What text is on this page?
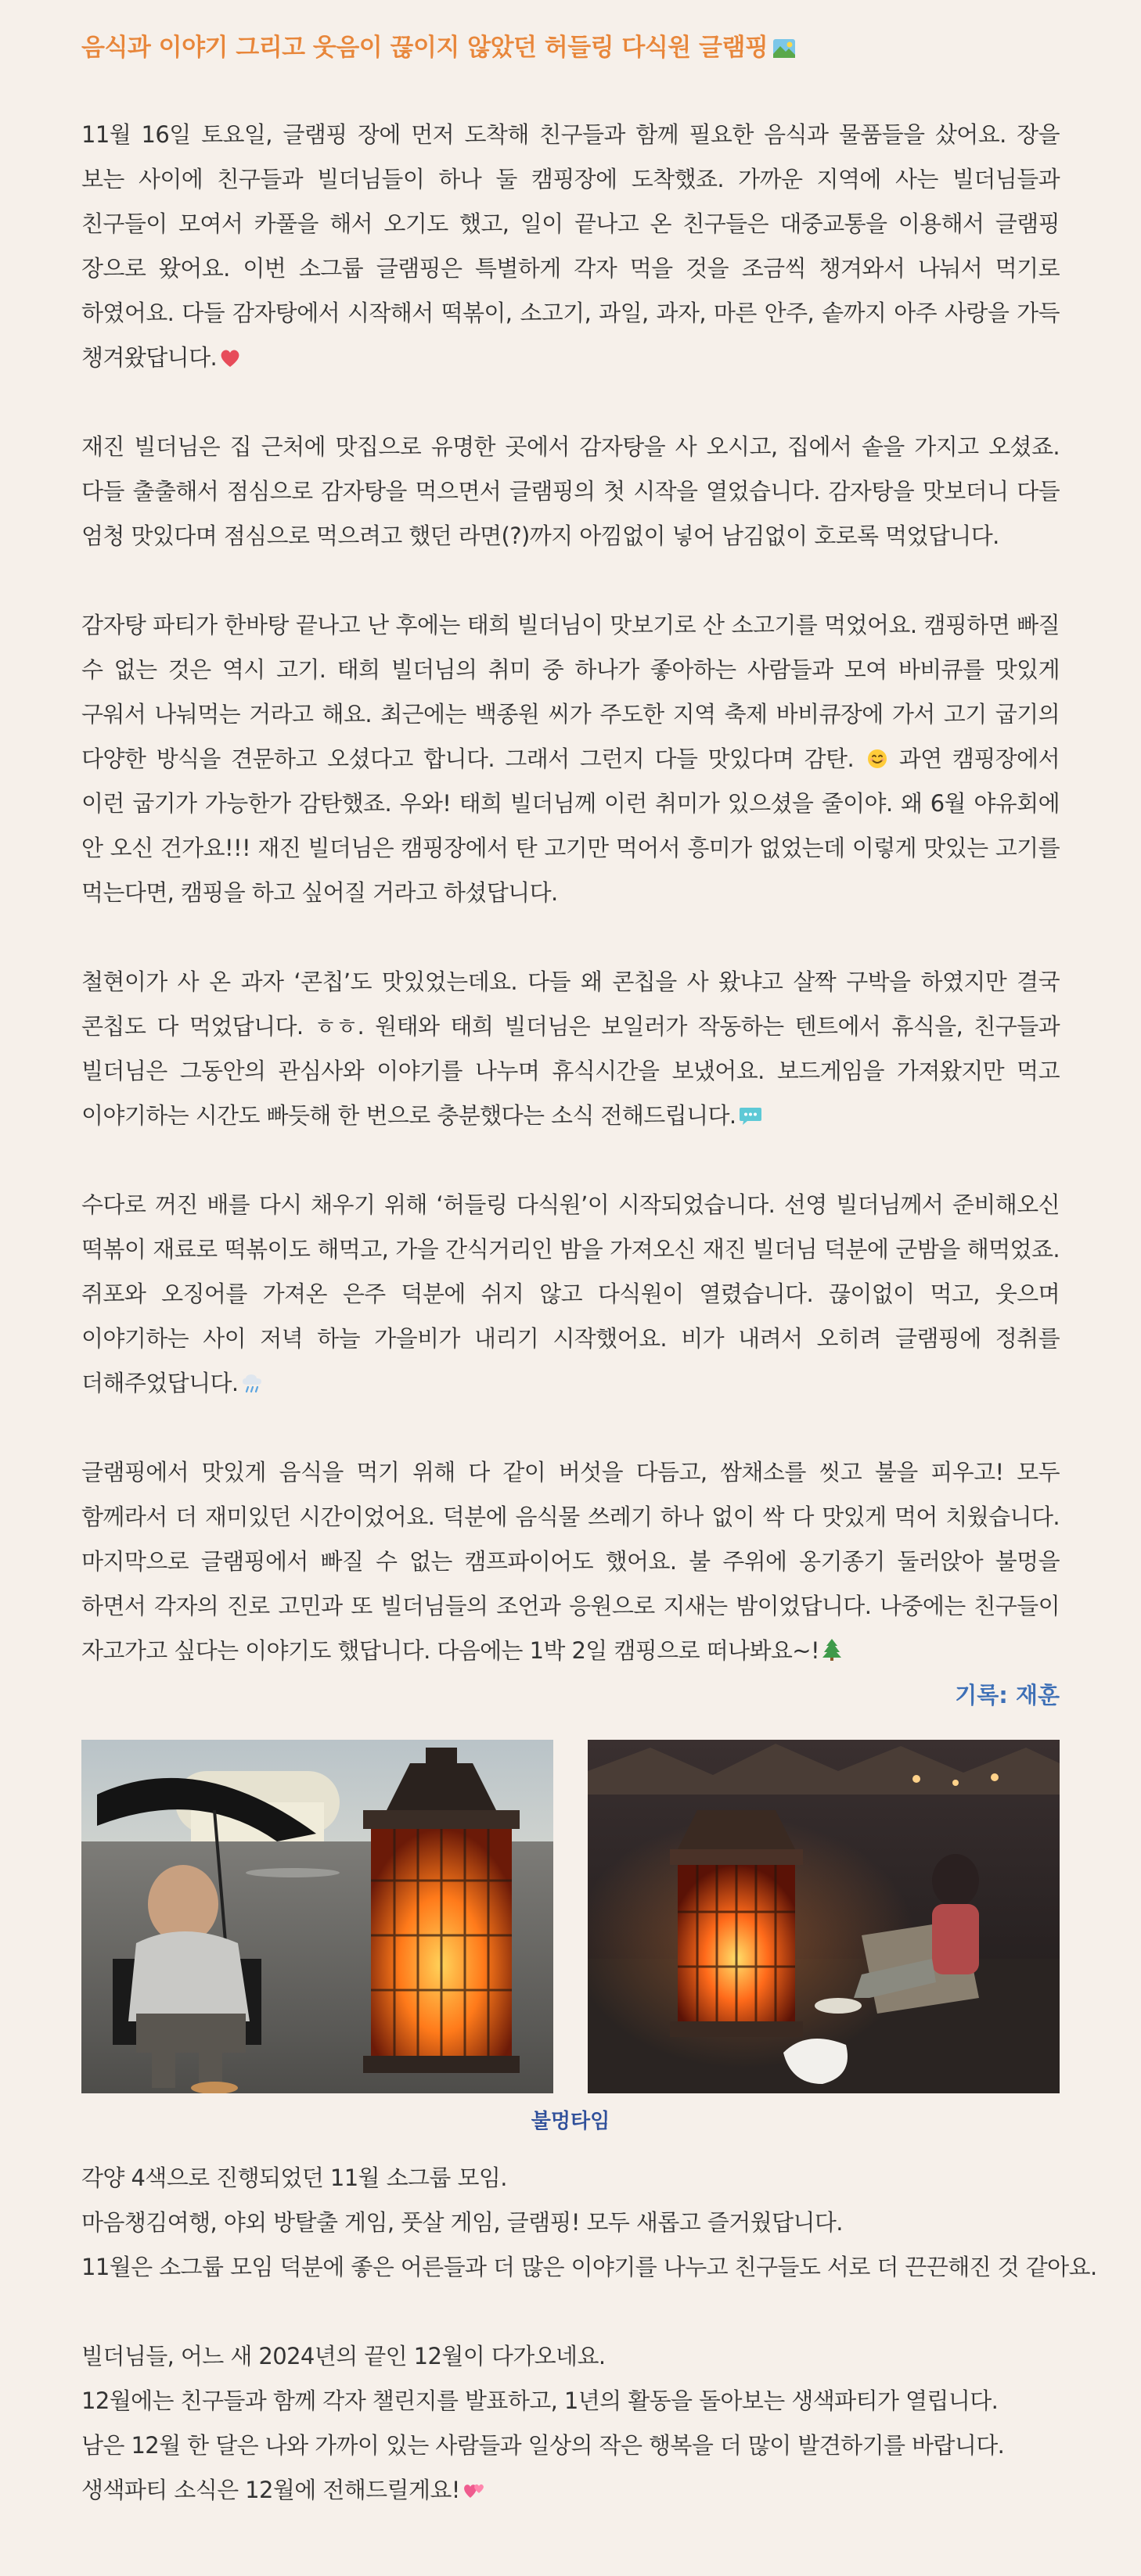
음식과 이야기 그리고 웃음이 끊이지 않았던 허들링 다식원 글램핑

11월 16일 토요일, 글램핑 장에 먼저 도착해 친구들과 함께 필요한 음식과 물품들을 샀어요. 장을 보는 사이에 친구들과 빌더님들이 하나 둘 캠핑장에 도착했죠. 가까운 지역에 사는 빌더님들과 친구들이 모여서 카풀을 해서 오기도 했고, 일이 끝나고 온 친구들은 대중교통을 이용해서 글램핑 장으로 왔어요. 이번 소그룹 글램핑은 특별하게 각자 먹을 것을 조금씩 챙겨와서 나눠서 먹기로 하였어요. 다들 감자탕에서 시작해서 떡볶이, 소고기, 과일, 과자, 마른 안주, 솥까지 아주 사랑을 가득 챙겨왔답니다.

재진 빌더님은 집 근처에 맛집으로 유명한 곳에서 감자탕을 사 오시고, 집에서 솥을 가지고 오셨죠. 다들 출출해서 점심으로 감자탕을 먹으면서 글램핑의 첫 시작을 열었습니다. 감자탕을 맛보더니 다들 엄청 맛있다며 점심으로 먹으려고 했던 라면(?)까지 아낌없이 넣어 남김없이 호로록 먹었답니다.

감자탕 파티가 한바탕 끝나고 난 후에는 태희 빌더님이 맛보기로 산 소고기를 먹었어요. 캠핑하면 빠질 수 없는 것은 역시 고기. 태희 빌더님의 취미 중 하나가 좋아하는 사람들과 모여 바비큐를 맛있게 구워서 나눠먹는 거라고 해요. 최근에는 백종원 씨가 주도한 지역 축제 바비큐장에 가서 고기 굽기의 다양한 방식을 견문하고 오셨다고 합니다. 그래서 그런지 다들 맛있다며 감탄.  과연 캠핑장에서 이런 굽기가 가능한가 감탄했죠. 우와! 태희 빌더님께 이런 취미가 있으셨을 줄이야. 왜 6월 야유회에 안 오신 건가요!!! 재진 빌더님은 캠핑장에서 탄 고기만 먹어서 흥미가 없었는데 이렇게 맛있는 고기를 먹는다면, 캠핑을 하고 싶어질 거라고 하셨답니다.

철현이가 사 온 과자 ‘콘칩’도 맛있었는데요. 다들 왜 콘칩을 사 왔냐고 살짝 구박을 하였지만 결국 콘칩도 다 먹었답니다. ㅎㅎ. 원태와 태희 빌더님은 보일러가 작동하는 텐트에서 휴식을, 친구들과 빌더님은 그동안의 관심사와 이야기를 나누며 휴식시간을 보냈어요. 보드게임을 가져왔지만 먹고 이야기하는 시간도 빠듯해 한 번으로 충분했다는 소식 전해드립니다.

수다로 꺼진 배를 다시 채우기 위해 ‘허들링 다식원’이 시작되었습니다. 선영 빌더님께서 준비해오신 떡볶이 재료로 떡볶이도 해먹고, 가을 간식거리인 밤을 가져오신 재진 빌더님 덕분에 군밤을 해먹었죠. 쥐포와 오징어를 가져온 은주 덕분에 쉬지 않고 다식원이 열렸습니다. 끊이없이 먹고, 웃으며 이야기하는 사이 저녁 하늘 가을비가 내리기 시작했어요. 비가 내려서 오히려 글램핑에 정취를 더해주었답니다.

글램핑에서 맛있게 음식을 먹기 위해 다 같이 버섯을 다듬고, 쌈채소를 씻고 불을 피우고! 모두 함께라서 더 재미있던 시간이었어요. 덕분에 음식물 쓰레기 하나 없이 싹 다 맛있게 먹어 치웠습니다. 마지막으로 글램핑에서 빠질 수 없는 캠프파이어도 했어요. 불 주위에 옹기종기 둘러앉아 불멍을 하면서 각자의 진로 고민과 또 빌더님들의 조언과 응원으로 지새는 밤이었답니다. 나중에는 친구들이 자고가고 싶다는 이야기도 했답니다. 다음에는 1박 2일 캠핑으로 떠나봐요~!

기록: 재훈

불멍타임

각양 4색으로 진행되었던 11월 소그룹 모임.

마음챙김여행, 야외 방탈출 게임, 풋살 게임, 글램핑! 모두 새롭고 즐거웠답니다.

11월은 소그룹 모임 덕분에 좋은 어른들과 더 많은 이야기를 나누고 친구들도 서로 더 끈끈해진 것 같아요.

빌더님들, 어느 새 2024년의 끝인 12월이 다가오네요.

12월에는 친구들과 함께 각자 챌린지를 발표하고, 1년의 활동을 돌아보는 생색파티가 열립니다.

남은 12월 한 달은 나와 가까이 있는 사람들과 일상의 작은 행복을 더 많이 발견하기를 바랍니다.

생색파티 소식은 12월에 전해드릴게요!
